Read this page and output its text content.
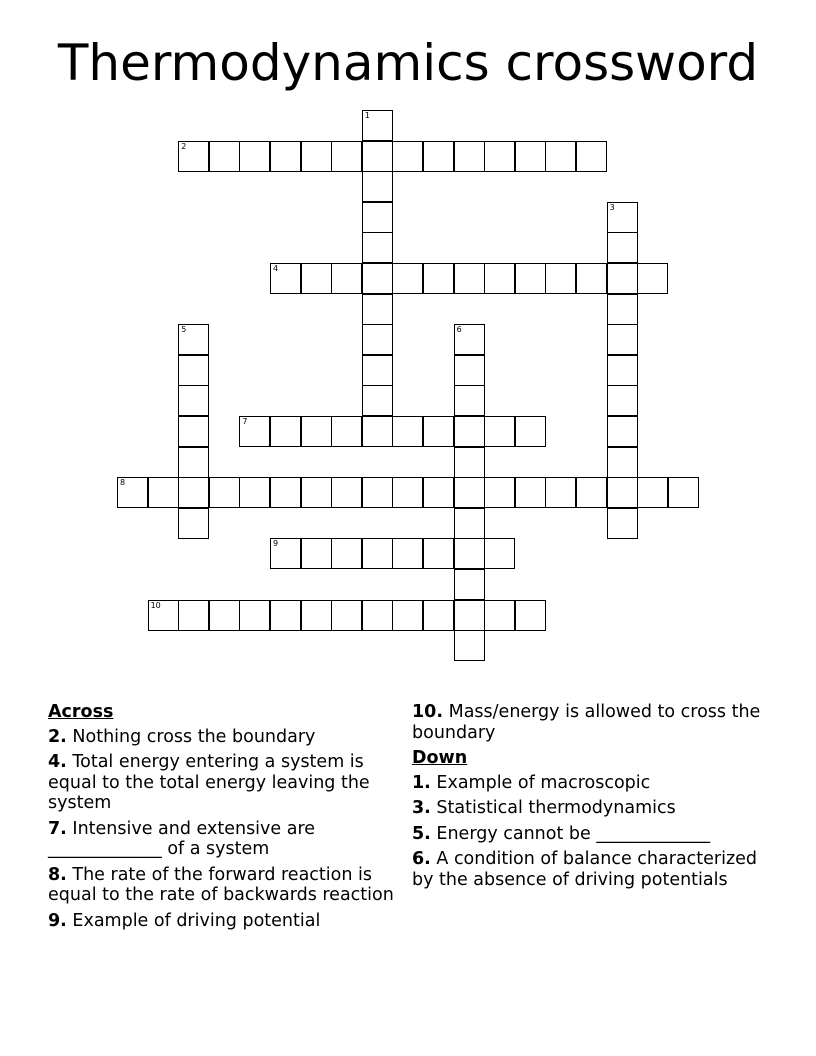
Thermodynamics crossword
1
2
3
4
5	6
7
8
9
10
Across
2. Nothing cross the boundary
4. Total energy entering a system is equal to the total energy leaving the system
7. Intensive and extensive are _____________ of a system
8. The rate of the forward reaction is equal to the rate of backwards reaction
9. Example of driving potential
10. Mass/energy is allowed to cross the boundary
Down
1. Example of macroscopic
3. Statistical thermodynamics
5. Energy cannot be _____________
6. A condition of balance characterized by the absence of driving potentials
